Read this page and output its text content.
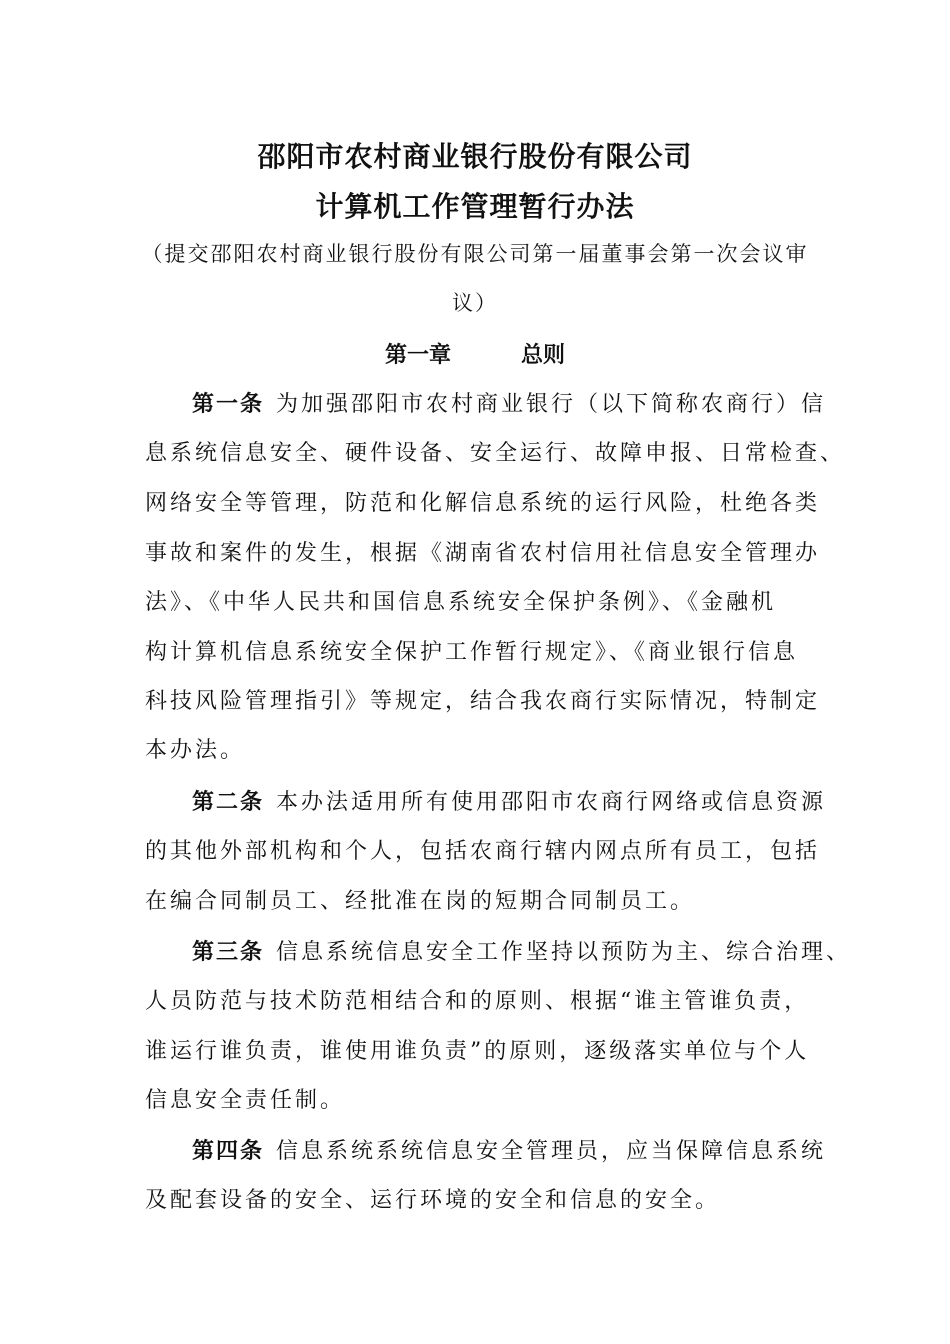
邵阳市农村商业银行股份有限公司
计算机工作管理暂行办法
（提交邵阳农村商业银行股份有限公司第一届董事会第一次会议审
议）
第一章	总则
第一条 为加强邵阳市农村商业银行（以下简称农商行）信
息系统信息安全、硬件设备、安全运行、故障申报、日常检查、
网络安全等管理，防范和化解信息系统的运行风险，杜绝各类
事故和案件的发生，根据《湖南省农村信用社信息安全管理办
法》、《中华人民共和国信息系统安全保护条例》、《金融机
构计算机信息系统安全保护工作暂行规定》、《商业银行信息
科技风险管理指引》等规定，结合我农商行实际情况，特制定
本办法。
第二条 本办法适用所有使用邵阳市农商行网络或信息资源
的其他外部机构和个人，包括农商行辖内网点所有员工，包括
在编合同制员工、经批准在岗的短期合同制员工。
第三条 信息系统信息安全工作坚持以预防为主、综合治理、
人员防范与技术防范相结合和的原则、根据“谁主管谁负责，
谁运行谁负责，谁使用谁负责”的原则，逐级落实单位与个人
信息安全责任制。
第四条 信息系统系统信息安全管理员，应当保障信息系统
及配套设备的安全、运行环境的安全和信息的安全。
